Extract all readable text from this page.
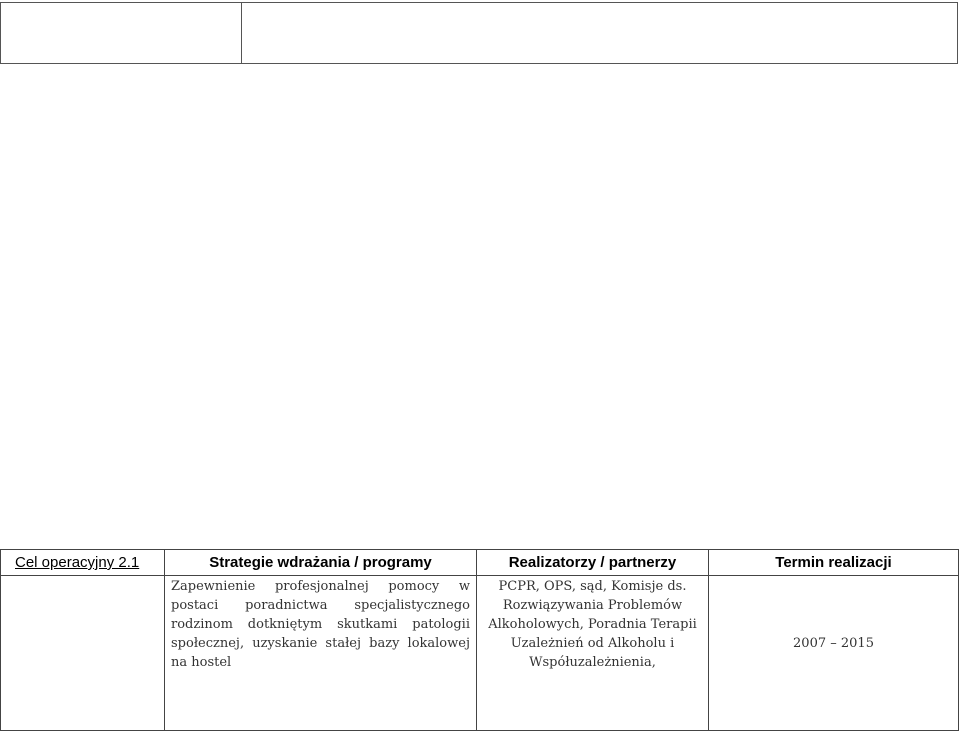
Cel operacyjny 2.1	Strategie wdrażania / programy	Realizatorzy / partnerzy	Termin realizacji
	Zapewnienie profesjonalnej pomocy w postaci poradnictwa specjalistycznego rodzinom dotkniętym skutkami patologii społecznej, uzyskanie stałej bazy lokalowej na hostel	PCPR, OPS, sąd, Komisje ds.
Rozwiązywania Problemów
Alkoholowych, Poradnia Terapii
Uzależnień od Alkoholu i
Współuzależnienia,	2007 – 2015
